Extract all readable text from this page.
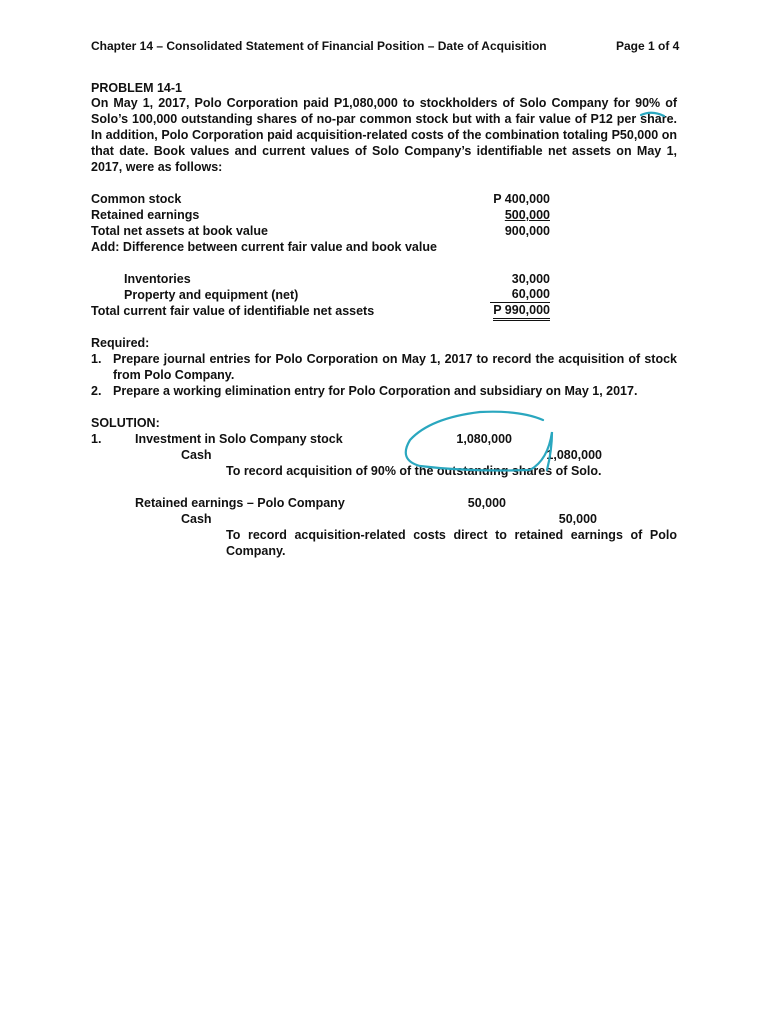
Chapter 14 – Consolidated Statement of Financial Position – Date of Acquisition	Page 1 of 4
PROBLEM 14-1
On May 1, 2017, Polo Corporation paid P1,080,000 to stockholders of Solo Company for 90% of Solo’s 100,000 outstanding shares of no-par common stock but with a fair value of P12 per share. In addition, Polo Corporation paid acquisition-related costs of the combination totaling P50,000 on that date. Book values and current values of Solo Company’s identifiable net assets on May 1, 2017, were as follows:
Common stock	P 400,000
Retained earnings	500,000
Total net assets at book value	900,000
Add: Difference between current fair value and book value
Inventories	30,000
Property and equipment (net)	60,000
Total current fair value of identifiable net assets	P 990,000
Required:
1. Prepare journal entries for Polo Corporation on May 1, 2017 to record the acquisition of stock from Polo Company.
2. Prepare a working elimination entry for Polo Corporation and subsidiary on May 1, 2017.
SOLUTION:
1.	Investment in Solo Company stock	1,080,000
Cash	1,080,000
To record acquisition of 90% of the outstanding shares of Solo.
Retained earnings – Polo Company	50,000
Cash	50,000
To record acquisition-related costs direct to retained earnings of Polo Company.
